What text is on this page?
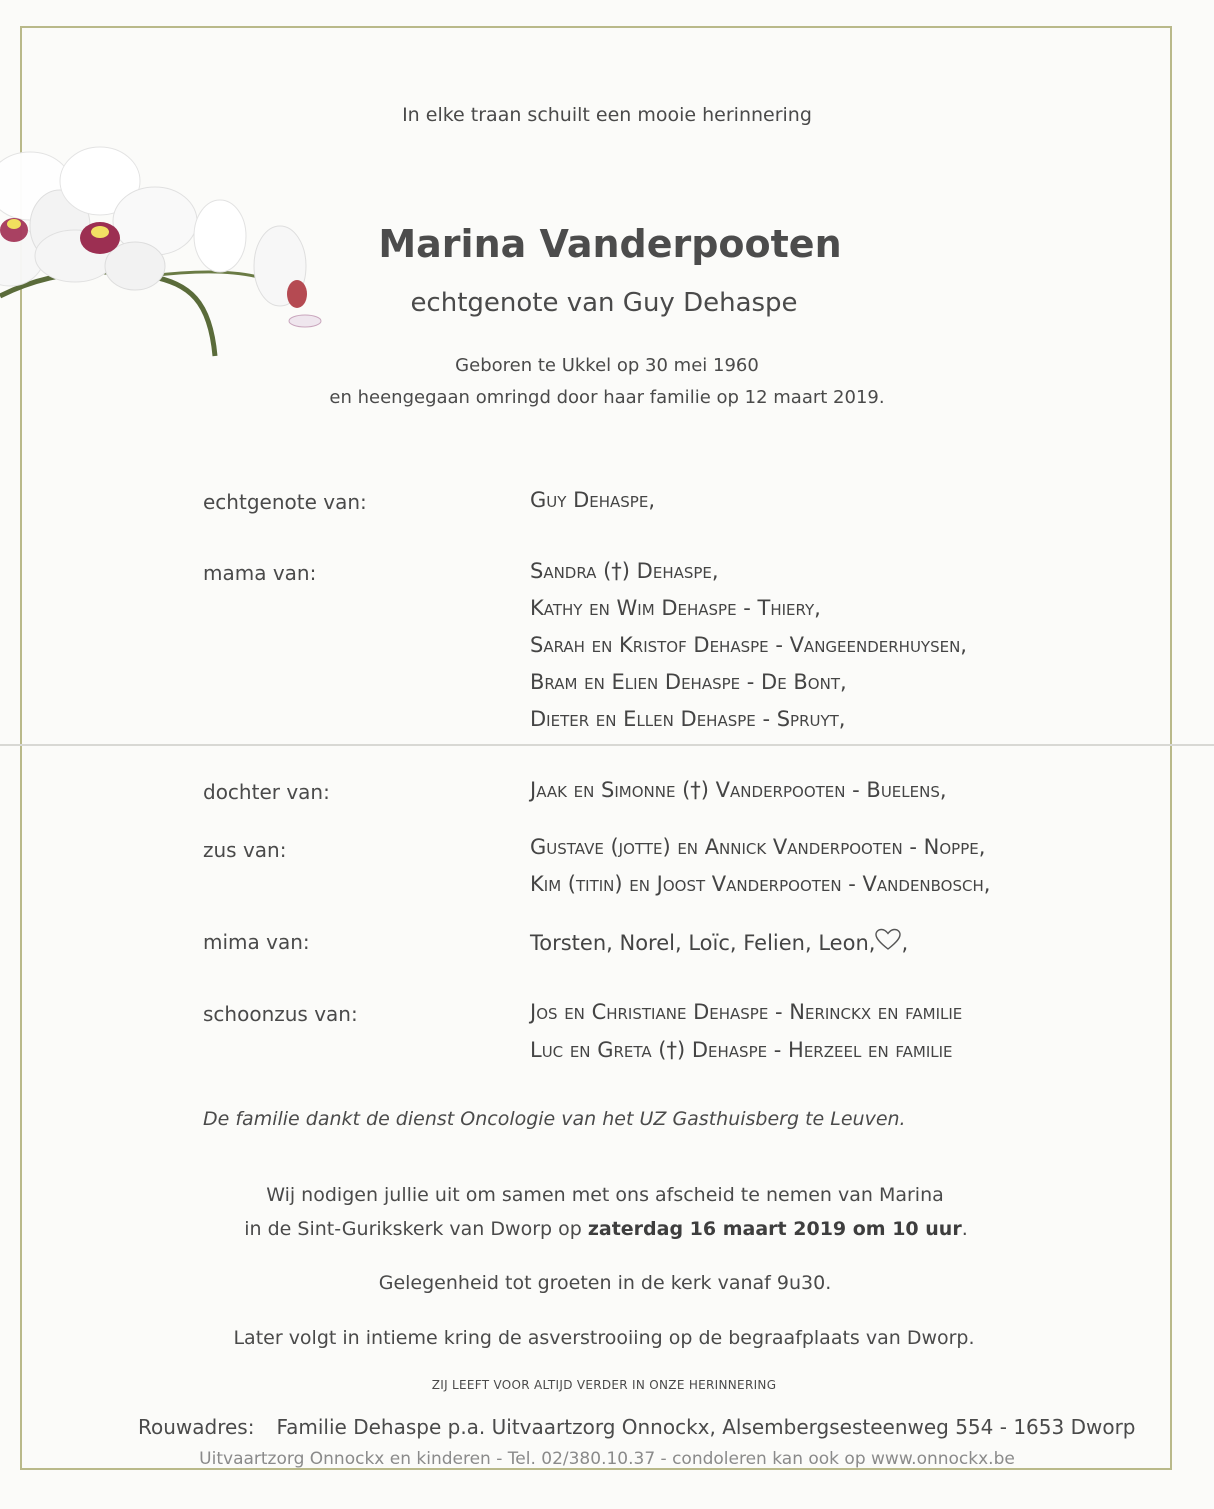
In elke traan schuilt een mooie herinnering
Marina Vanderpooten
echtgenote van Guy Dehaspe
Geboren te Ukkel op 30 mei 1960
en heengegaan omringd door haar familie op 12 maart 2019.
echtgenote van:	Guy Dehaspe,
mama van:	Sandra (†) Dehaspe,
Kathy en Wim Dehaspe - Thiery,
Sarah en Kristof Dehaspe - Vangeenderhuysen,
Bram en Elien Dehaspe - De Bont,
Dieter en Ellen Dehaspe - Spruyt,
dochter van:	Jaak en Simonne (†) Vanderpooten - Buelens,
zus van:	Gustave (jotte) en Annick Vanderpooten - Noppe,
Kim (titin) en Joost Vanderpooten - Vandenbosch,
mima van:	Torsten, Norel, Loïc, Felien, Leon, ,
schoonzus van:	Jos en Christiane Dehaspe - Nerinckx en familie
Luc en Greta (†) Dehaspe - Herzeel en familie
De familie dankt de dienst Oncologie van het UZ Gasthuisberg te Leuven.
Wij nodigen jullie uit om samen met ons afscheid te nemen van Marina
in de Sint-Gurikskerk van Dworp op zaterdag 16 maart 2019 om 10 uur.
Gelegenheid tot groeten in de kerk vanaf 9u30.
Later volgt in intieme kring de asverstrooiing op de begraafplaats van Dworp.
ZIJ LEEFT VOOR ALTIJD VERDER IN ONZE HERINNERING
Rouwadres: Familie Dehaspe p.a. Uitvaartzorg Onnockx, Alsembergsesteenweg 554 - 1653 Dworp
Uitvaartzorg Onnockx en kinderen - Tel. 02/380.10.37 - condoleren kan ook op www.onnockx.be
